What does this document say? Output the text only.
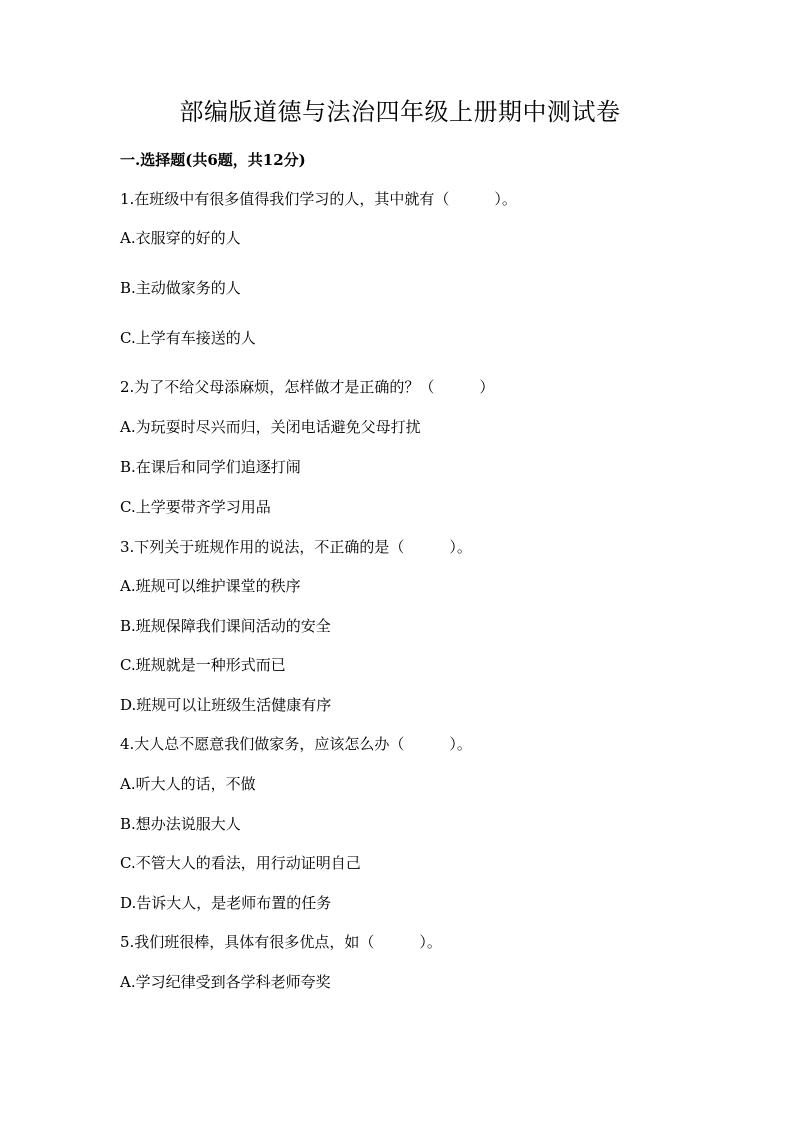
部编版道德与法治四年级上册期中测试卷
一.选择题(共6题，共12分)
1.在班级中有很多值得我们学习的人，其中就有（　　　）。
A.衣服穿的好的人
B.主动做家务的人
C.上学有车接送的人
2.为了不给父母添麻烦，怎样做才是正确的？（　　　）
A.为玩耍时尽兴而归，关闭电话避免父母打扰
B.在课后和同学们追逐打闹
C.上学要带齐学习用品
3.下列关于班规作用的说法，不正确的是（　　　）。
A.班规可以维护课堂的秩序
B.班规保障我们课间活动的安全
C.班规就是一种形式而已
D.班规可以让班级生活健康有序
4.大人总不愿意我们做家务，应该怎么办（　　　）。
A.听大人的话，不做
B.想办法说服大人
C.不管大人的看法，用行动证明自己
D.告诉大人，是老师布置的任务
5.我们班很棒，具体有很多优点，如（　　　）。
A.学习纪律受到各学科老师夸奖
